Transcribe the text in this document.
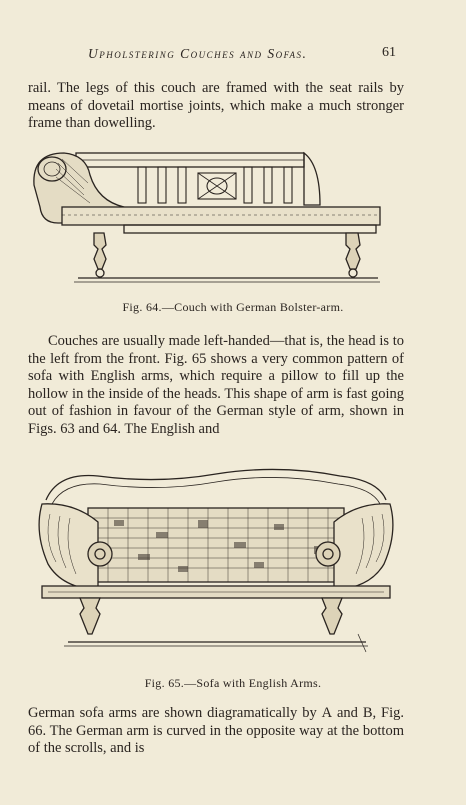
Upholstering Couches and Sofas.	61

rail. The legs of this couch are framed with the seat rails by means of dovetail mortise joints, which make a much stronger frame than dowelling.

Fig. 64.—Couch with German Bolster-arm.

Couches are usually made left-handed—that is, the head is to the left from the front. Fig. 65 shows a very common pattern of sofa with English arms, which require a pillow to fill up the hollow in the inside of the heads. This shape of arm is fast going out of fashion in favour of the German style of arm, shown in Figs. 63 and 64. The English and

Fig. 65.—Sofa with English Arms.

German sofa arms are shown diagramatically by A and B, Fig. 66. The German arm is curved in the opposite way at the bottom of the scrolls, and is
